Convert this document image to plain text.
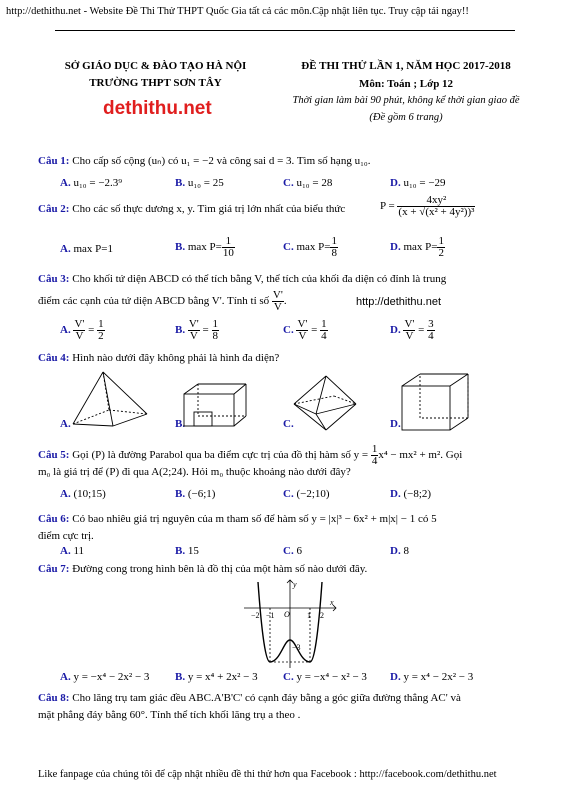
http://dethithu.net - Website Đề Thi Thử THPT Quốc Gia tất cả các môn.Cập nhật liên tục. Truy cập tải ngay!!
SỞ GIÁO DỤC & ĐÀO TẠO HÀ NỘI
TRƯỜNG THPT SƠN TÂY
dethithu.net
ĐỀ THI THỬ LẦN 1, NĂM HỌC 2017-2018
Môn: Toán ; Lớp 12
Thời gian làm bài 90 phút, không kể thời gian giao đề
(Đề gồm 6 trang)
Câu 1: Cho cấp số cộng (uₙ) có u₁ = −2 và công sai d = 3. Tìm số hạng u₁₀.
A. u₁₀ = −2.3⁹	B. u₁₀ = 25	C. u₁₀ = 28	D. u₁₀ = −29
Câu 2: Cho các số thực dương x, y. Tìm giá trị lớn nhất của biểu thức	$P = \frac{\text{4xy²}}{\text{(x + √(x² + 4y²))³}}$
A. max P=1	B. $\max P= \frac{1}{10}$	C. $\max P= \frac{1}{8}$	D. $\max P= \frac{1}{2}$
Câu 3: Cho khối tứ diện ABCD có thể tích bằng V, thể tích của khối đa diện có đỉnh là trung
điểm các cạnh của tứ diện ABCD bằng V'. Tính tỉ số $\frac{V'}{V}$ .	http://dethithu.net
A. $\frac{V'}{V} = \frac{1}{2}$	B. $\frac{V'}{V} = \frac{1}{8}$	C. $\frac{V'}{V} = \frac{1}{4}$	D. $\frac{V'}{V} = \frac{3}{4}$
Câu 4: Hình nào dưới đây không phải là hình đa diện?
A.	B.	C.	D.
Câu 5: Gọi (P) là đường Parabol qua ba điểm cực trị của đồ thị hàm số $y = \frac{1}{4} x^4 - mx^2 + m^2$. Gọi
m₀ là giá trị để (P) đi qua A(2;24). Hỏi m₀ thuộc khoảng nào dưới đây?
A. (10;15)	B. (−6;1)	C. (−2;10)	D. (−8;2)
Câu 6: Có bao nhiêu giá trị nguyên của m tham số để hàm số y = |x|³ − 6x² + m|x| − 1 có 5
điểm cực trị.
A. 11	B. 15	C. 6	D. 8
Câu 7: Đường cong trong hình bên là đồ thị của một hàm số nào dưới đây.
y
x
O
−2 −1	1 2
−3
A. y = −x⁴ − 2x² − 3 B. y = x⁴ + 2x² − 3 C. y = −x⁴ − x² − 3 D. y = x⁴ − 2x² − 3
Câu 8: Cho lăng trụ tam giác đều ABC.A'B'C' có cạnh đáy bằng a góc giữa đường thẳng AC' và
mặt phẳng đáy bằng 60°. Tính thể tích khối lăng trụ a theo .
Like fanpage của chúng tôi để cập nhật nhiều đề thi thử hơn qua Facebook : http://facebook.com/dethithu.net
